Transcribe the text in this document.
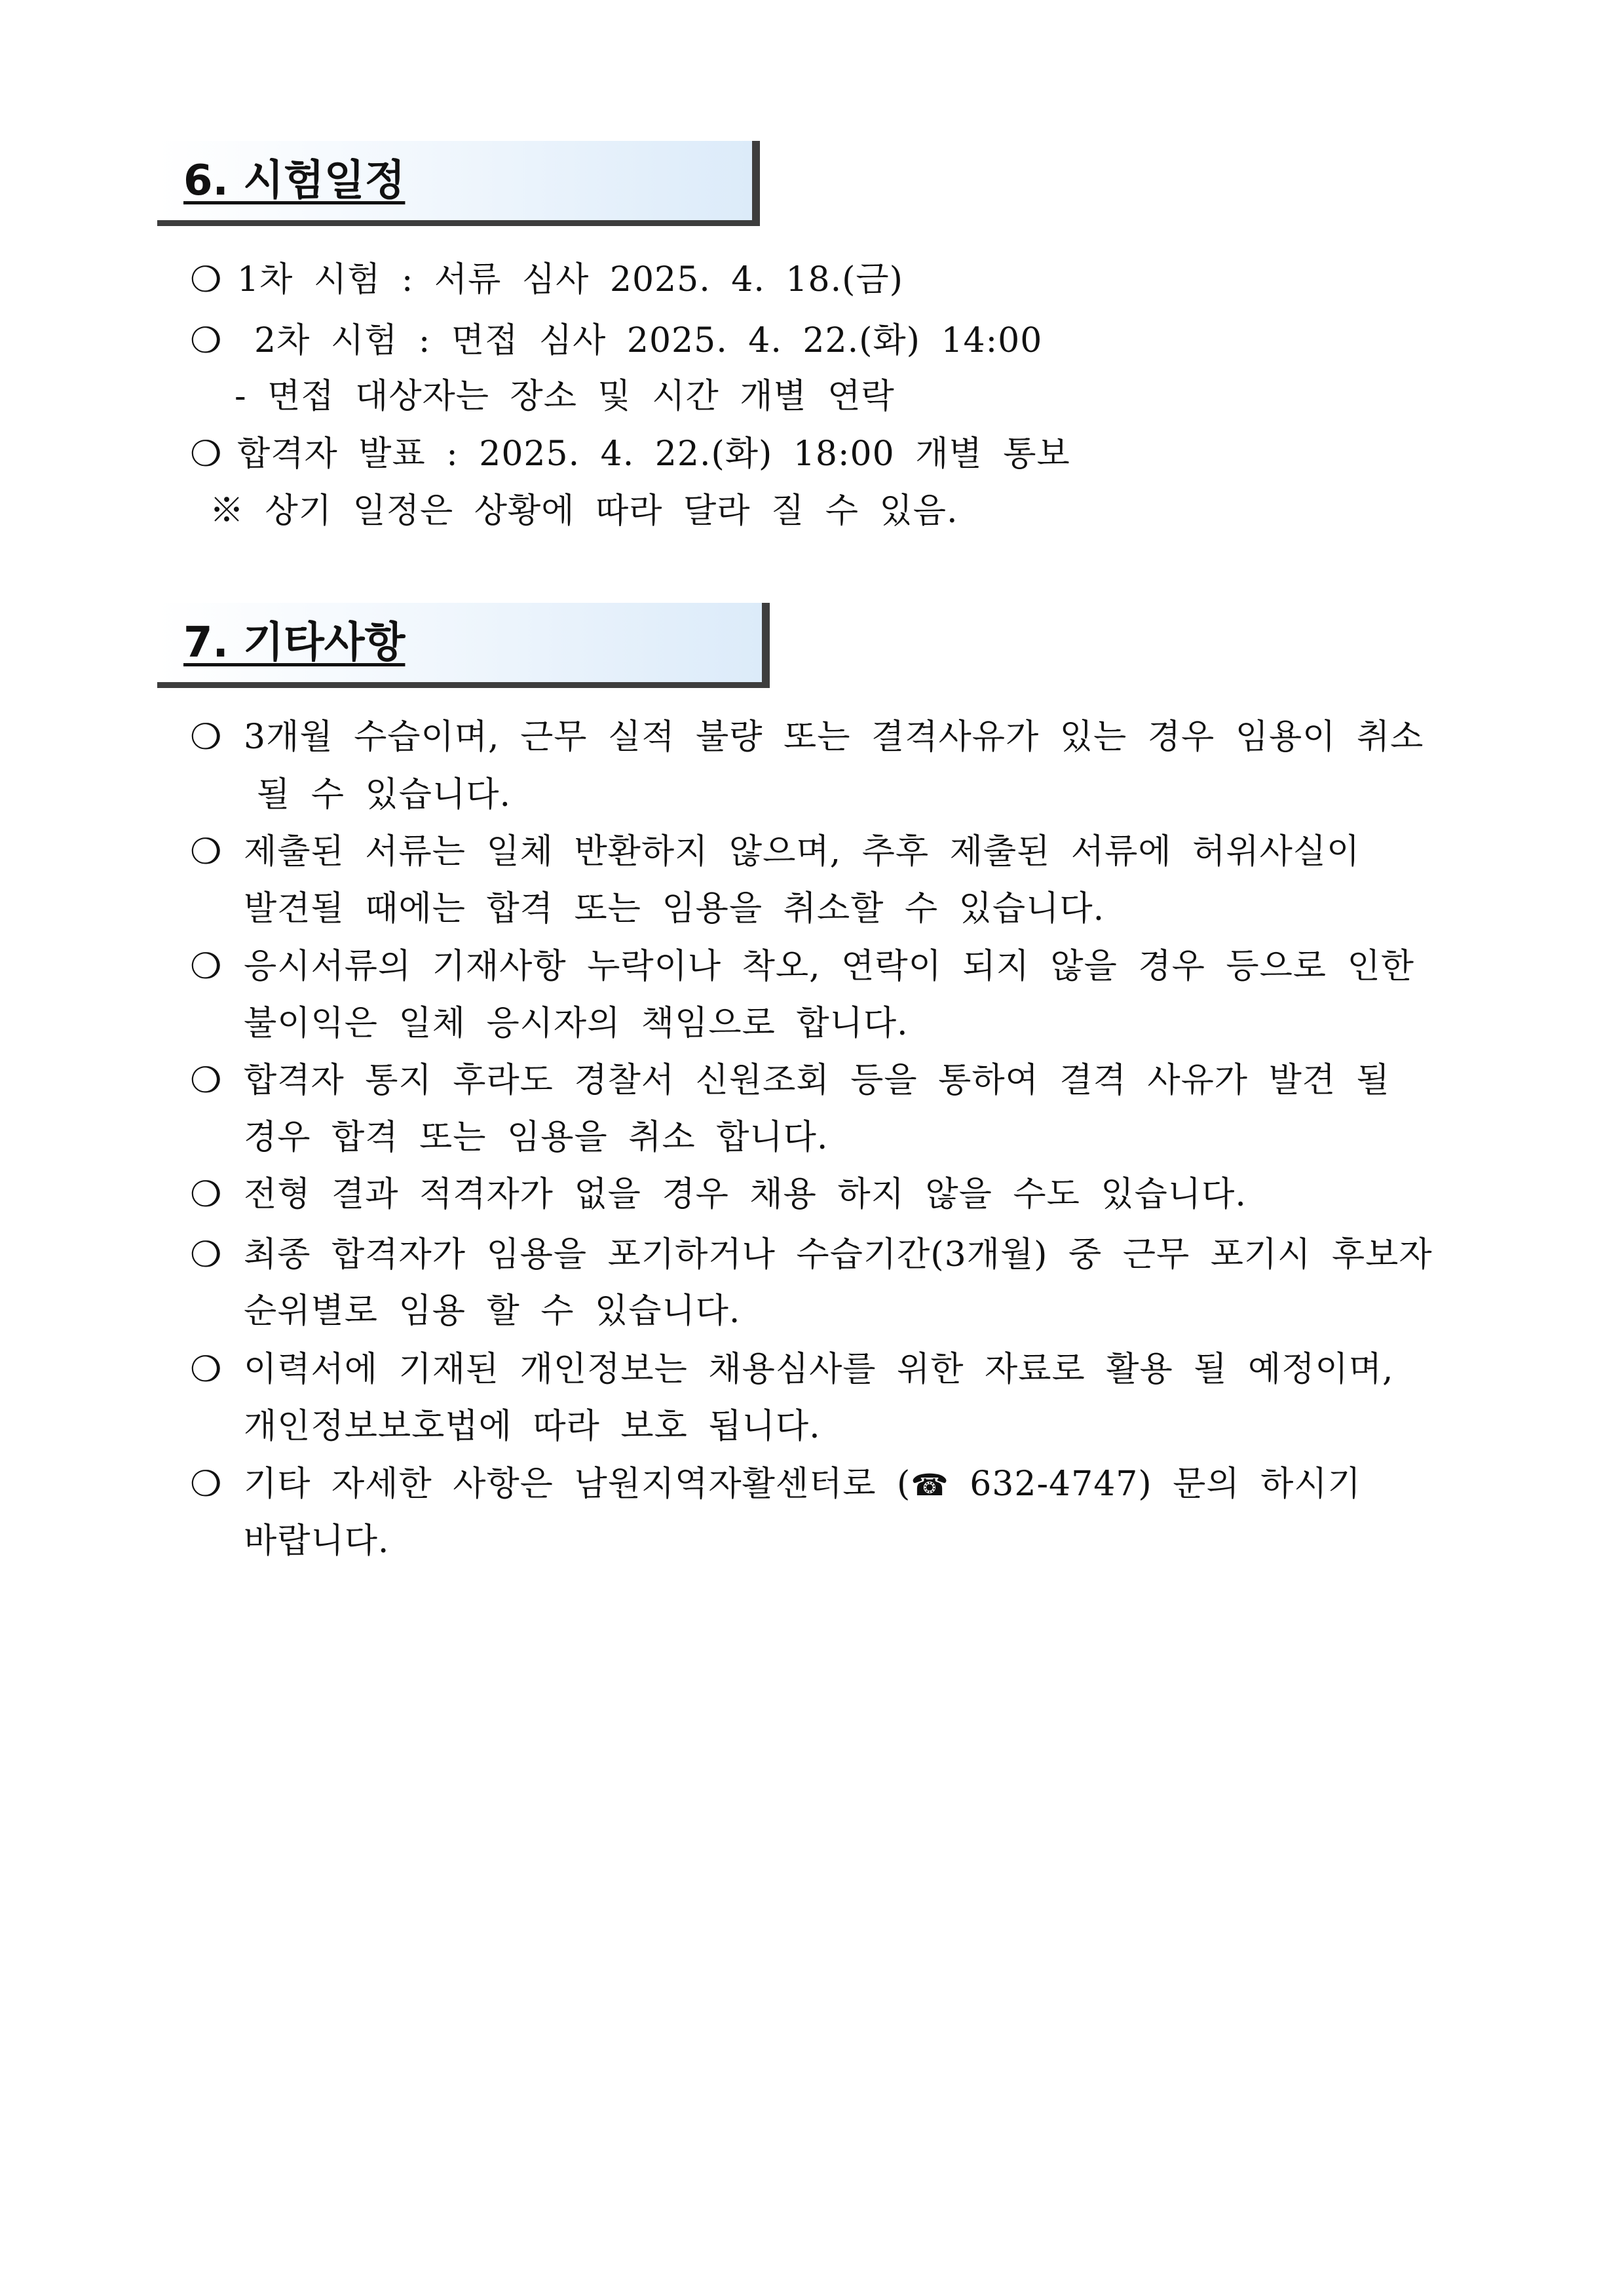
6. 시험일정
❍ 1차 시험 : 서류 심사 2025. 4. 18.(금)
❍ 2차 시험 : 면접 심사 2025. 4. 22.(화) 14:00
- 면접 대상자는 장소 및 시간 개별 연락
❍ 합격자 발표 : 2025. 4. 22.(화) 18:00 개별 통보
※ 상기 일정은 상황에 따라 달라 질 수 있음.
7. 기타사항
❍ 3개월 수습이며, 근무 실적 불량 또는 결격사유가 있는 경우 임용이 취소
될 수 있습니다.
❍ 제출된 서류는 일체 반환하지 않으며, 추후 제출된 서류에 허위사실이
발견될 때에는 합격 또는 임용을 취소할 수 있습니다.
❍ 응시서류의 기재사항 누락이나 착오, 연락이 되지 않을 경우 등으로 인한
불이익은 일체 응시자의 책임으로 합니다.
❍ 합격자 통지 후라도 경찰서 신원조회 등을 통하여 결격 사유가 발견 될
경우 합격 또는 임용을 취소 합니다.
❍ 전형 결과 적격자가 없을 경우 채용 하지 않을 수도 있습니다.
❍ 최종 합격자가 임용을 포기하거나 수습기간(3개월) 중 근무 포기시 후보자
순위별로 임용 할 수 있습니다.
❍ 이력서에 기재된 개인정보는 채용심사를 위한 자료로 활용 될 예정이며,
개인정보보호법에 따라 보호 됩니다.
❍ 기타 자세한 사항은 남원지역자활센터로 (☎ 632-4747) 문의 하시기
바랍니다.
